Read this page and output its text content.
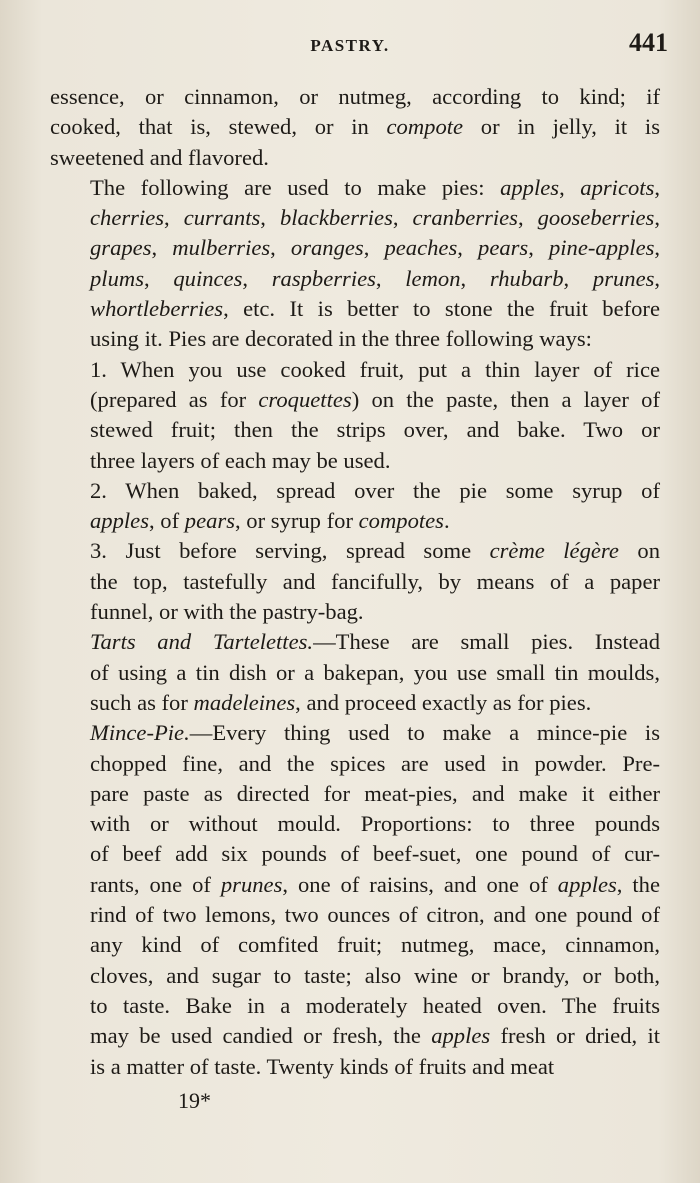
PASTRY.	441

essence, or cinnamon, or nutmeg, according to kind; if
cooked, that is, stewed, or in compote or in jelly, it is
sweetened and flavored.

The following are used to make pies: apples, apricots,
cherries, currants, blackberries, cranberries, gooseberries,
grapes, mulberries, oranges, peaches, pears, pine-apples,
plums, quinces, raspberries, lemon, rhubarb, prunes,
whortleberries, etc. It is better to stone the fruit before
using it. Pies are decorated in the three following ways:

1. When you use cooked fruit, put a thin layer of rice
(prepared as for croquettes) on the paste, then a layer of
stewed fruit; then the strips over, and bake. Two or
three layers of each may be used.

2. When baked, spread over the pie some syrup of
apples, of pears, or syrup for compotes.

3. Just before serving, spread some crème légère on
the top, tastefully and fancifully, by means of a paper
funnel, or with the pastry-bag.

Tarts and Tartelettes.—These are small pies. Instead
of using a tin dish or a bakepan, you use small tin moulds,
such as for madeleines, and proceed exactly as for pies.

Mince-Pie.—Every thing used to make a mince-pie is
chopped fine, and the spices are used in powder. Pre-
pare paste as directed for meat-pies, and make it either
with or without mould. Proportions: to three pounds
of beef add six pounds of beef-suet, one pound of cur-
rants, one of prunes, one of raisins, and one of apples, the
rind of two lemons, two ounces of citron, and one pound of
any kind of comfited fruit; nutmeg, mace, cinnamon,
cloves, and sugar to taste; also wine or brandy, or both,
to taste. Bake in a moderately heated oven. The fruits
may be used candied or fresh, the apples fresh or dried, it
is a matter of taste. Twenty kinds of fruits and meat

19*
